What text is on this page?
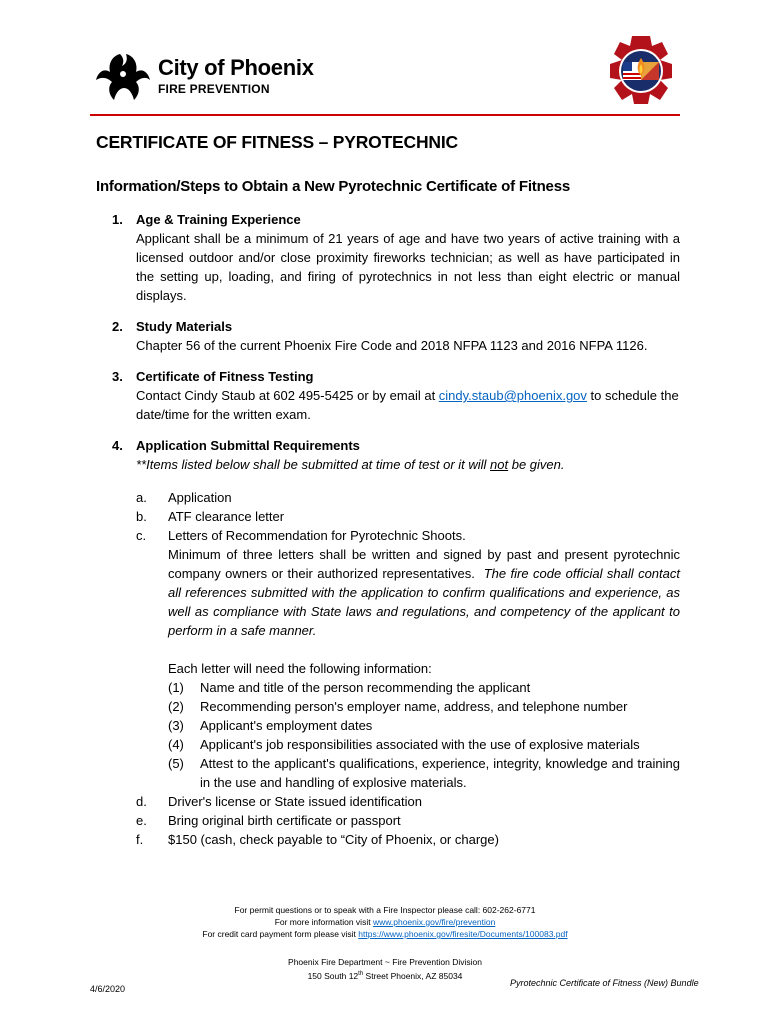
City of Phoenix
FIRE PREVENTION
CERTIFICATE OF FITNESS – PYROTECHNIC
Information/Steps to Obtain a New Pyrotechnic Certificate of Fitness
1.	Age & Training Experience
Applicant shall be a minimum of 21 years of age and have two years of active training with a licensed outdoor and/or close proximity fireworks technician; as well as have participated in the setting up, loading, and firing of pyrotechnics in not less than eight electric or manual displays.
2.	Study Materials
Chapter 56 of the current Phoenix Fire Code and 2018 NFPA 1123 and 2016 NFPA 1126.
3.	Certificate of Fitness Testing
Contact Cindy Staub at 602 495-5425 or by email at cindy.staub@phoenix.gov to schedule the date/time for the written exam.
4.	Application Submittal Requirements
**Items listed below shall be submitted at time of test or it will not be given.
a.	Application
b.	ATF clearance letter
c.	Letters of Recommendation for Pyrotechnic Shoots.
Minimum of three letters shall be written and signed by past and present pyrotechnic company owners or their authorized representatives. The fire code official shall contact all references submitted with the application to confirm qualifications and experience, as well as compliance with State laws and regulations, and competency of the applicant to perform in a safe manner.
Each letter will need the following information:
(1)	Name and title of the person recommending the applicant
(2)	Recommending person's employer name, address, and telephone number
(3)	Applicant's employment dates
(4)	Applicant's job responsibilities associated with the use of explosive materials
(5)	Attest to the applicant's qualifications, experience, integrity, knowledge and training in the use and handling of explosive materials.
d.	Driver's license or State issued identification
e.	Bring original birth certificate or passport
f.	$150 (cash, check payable to “City of Phoenix, or charge)
For permit questions or to speak with a Fire Inspector please call: 602-262-6771
For more information visit www.phoenix.gov/fire/prevention
For credit card payment form please visit https://www.phoenix.gov/firesite/Documents/100083.pdf
Phoenix Fire Department ~ Fire Prevention Division
150 South 12th Street Phoenix, AZ 85034
4/6/2020
Pyrotechnic Certificate of Fitness (New) Bundle
